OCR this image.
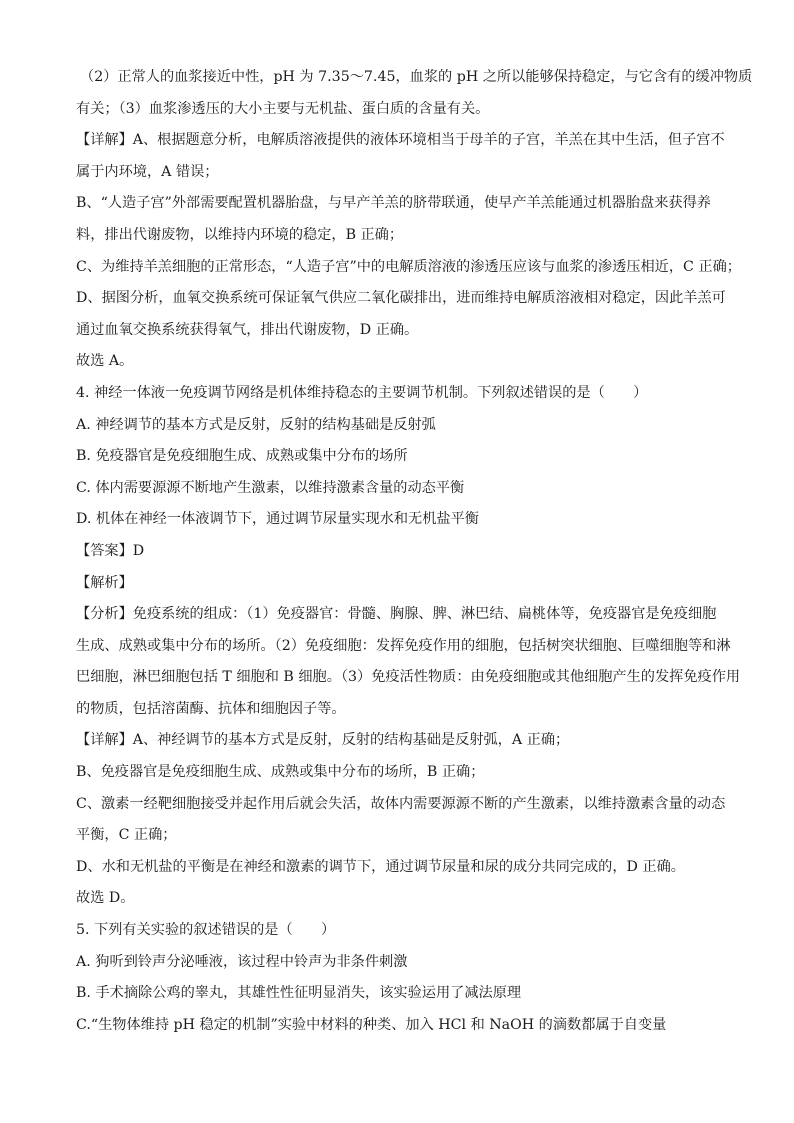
（2）正常人的血浆接近中性，pH 为 7.35～7.45，血浆的 pH 之所以能够保持稳定，与它含有的缓冲物质
有关；（3）血浆渗透压的大小主要与无机盐、蛋白质的含量有关。
【详解】A、根据题意分析，电解质溶液提供的液体环境相当于母羊的子宫，羊羔在其中生活，但子宫不
属于内环境，A 错误；
B、“人造子宫”外部需要配置机器胎盘，与早产羊羔的脐带联通，使早产羊羔能通过机器胎盘来获得养
料，排出代谢废物，以维持内环境的稳定，B 正确；
C、为维持羊羔细胞的正常形态，“人造子宫”中的电解质溶液的渗透压应该与血浆的渗透压相近，C 正确；
D、据图分析，血氧交换系统可保证氧气供应二氧化碳排出，进而维持电解质溶液相对稳定，因此羊羔可
通过血氧交换系统获得氧气，排出代谢废物，D 正确。
故选 A。
4. 神经一体液一免疫调节网络是机体维持稳态的主要调节机制。下列叙述错误的是（　　）
A. 神经调节的基本方式是反射，反射的结构基础是反射弧
B. 免疫器官是免疫细胞生成、成熟或集中分布的场所
C. 体内需要源源不断地产生激素，以维持激素含量的动态平衡
D. 机体在神经一体液调节下，通过调节尿量实现水和无机盐平衡
【答案】D
【解析】
【分析】免疫系统的组成：（1）免疫器官：骨髓、胸腺、脾、淋巴结、扁桃体等，免疫器官是免疫细胞
生成、成熟或集中分布的场所。（2）免疫细胞：发挥免疫作用的细胞，包括树突状细胞、巨噬细胞等和淋
巴细胞，淋巴细胞包括 T 细胞和 B 细胞。（3）免疫活性物质：由免疫细胞或其他细胞产生的发挥免疫作用
的物质，包括溶菌酶、抗体和细胞因子等。
【详解】A、神经调节的基本方式是反射，反射的结构基础是反射弧，A 正确；
B、免疫器官是免疫细胞生成、成熟或集中分布的场所，B 正确；
C、激素一经靶细胞接受并起作用后就会失活，故体内需要源源不断的产生激素，以维持激素含量的动态
平衡，C 正确；
D、水和无机盐的平衡是在神经和激素的调节下，通过调节尿量和尿的成分共同完成的，D 正确。
故选 D。
5. 下列有关实验的叙述错误的是（　　）
A. 狗听到铃声分泌唾液，该过程中铃声为非条件刺激
B. 手术摘除公鸡的睾丸，其雄性性征明显消失，该实验运用了减法原理
C.“生物体维持 pH 稳定的机制”实验中材料的种类、加入 HCl 和 NaOH 的滴数都属于自变量
